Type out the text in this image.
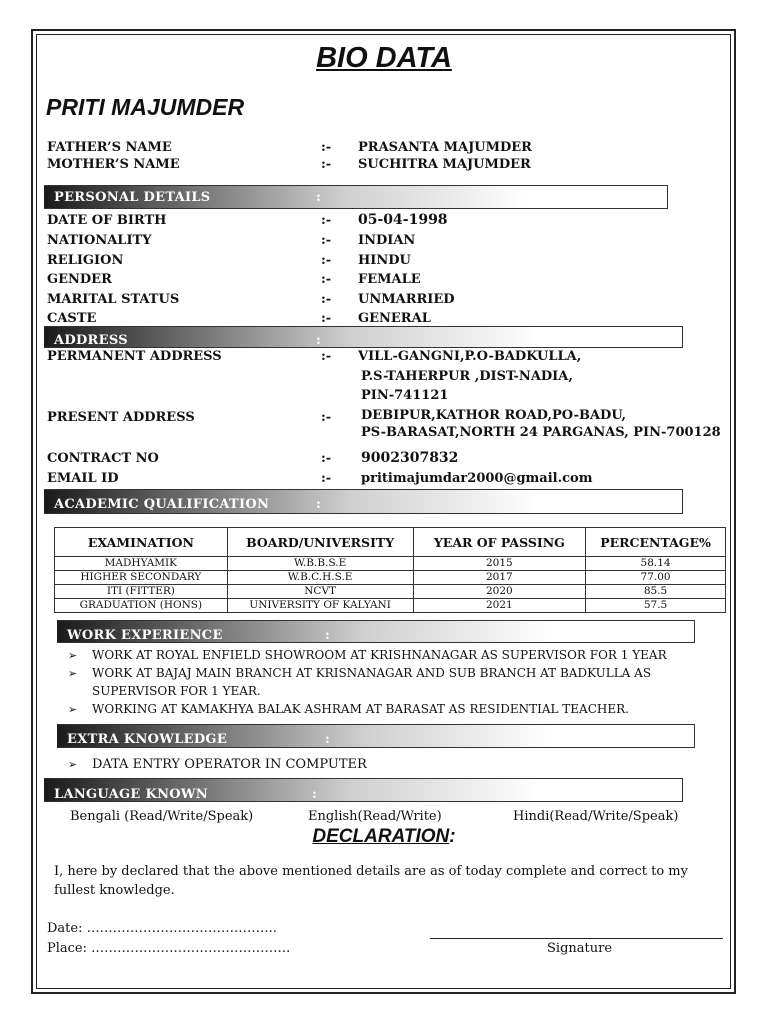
BIO DATA
PRITI MAJUMDER
FATHER’S NAME	:- PRASANTA MAJUMDER
MOTHER’S NAME	:- SUCHITRA MAJUMDER
PERSONAL DETAILS	:
DATE OF BIRTH	:- 05-04-1998
NATIONALITY	:- INDIAN
RELIGION	:- HINDU
GENDER	:- FEMALE
MARITAL STATUS	:- UNMARRIED
CASTE	:- GENERAL
ADDRESS	:
PERMANENT ADDRESS	:- VILL-GANGNI,P.O-BADKULLA,
P.S-TAHERPUR ,DIST-NADIA,
PIN-741121
PRESENT ADDRESS	:- DEBIPUR,KATHOR ROAD,PO-BADU,
PS-BARASAT,NORTH 24 PARGANAS, PIN-700128
CONTRACT NO	:- 9002307832
EMAIL ID	:- pritimajumdar2000@gmail.com
ACADEMIC QUALIFICATION	:
EXAMINATION	BOARD/UNIVERSITY	YEAR OF PASSING	PERCENTAGE%
MADHYAMIK	W.B.B.S.E	2015	58.14
HIGHER SECONDARY	W.B.C.H.S.E	2017	77.00
ITI (FITTER)	NCVT	2020	85.5
GRADUATION (HONS)	UNIVERSITY OF KALYANI	2021	57.5
WORK EXPERIENCE	:
➢ WORK AT ROYAL ENFIELD SHOWROOM AT KRISHNANAGAR AS SUPERVISOR FOR 1 YEAR
➢ WORK AT BAJAJ MAIN BRANCH AT KRISNANAGAR AND SUB BRANCH AT BADKULLA AS
SUPERVISOR FOR 1 YEAR.
➢ WORKING AT KAMAKHYA BALAK ASHRAM AT BARASAT AS RESIDENTIAL TEACHER.
EXTRA KNOWLEDGE	:
➢ DATA ENTRY OPERATOR IN COMPUTER
LANGUAGE KNOWN	:
Bengali (Read/Write/Speak)	English(Read/Write)	Hindi(Read/Write/Speak)
DECLARATION:
I, here by declared that the above mentioned details are as of today complete and correct to my fullest knowledge.
Date: ……………………………………..
Place: ……………………………………….	Signature
